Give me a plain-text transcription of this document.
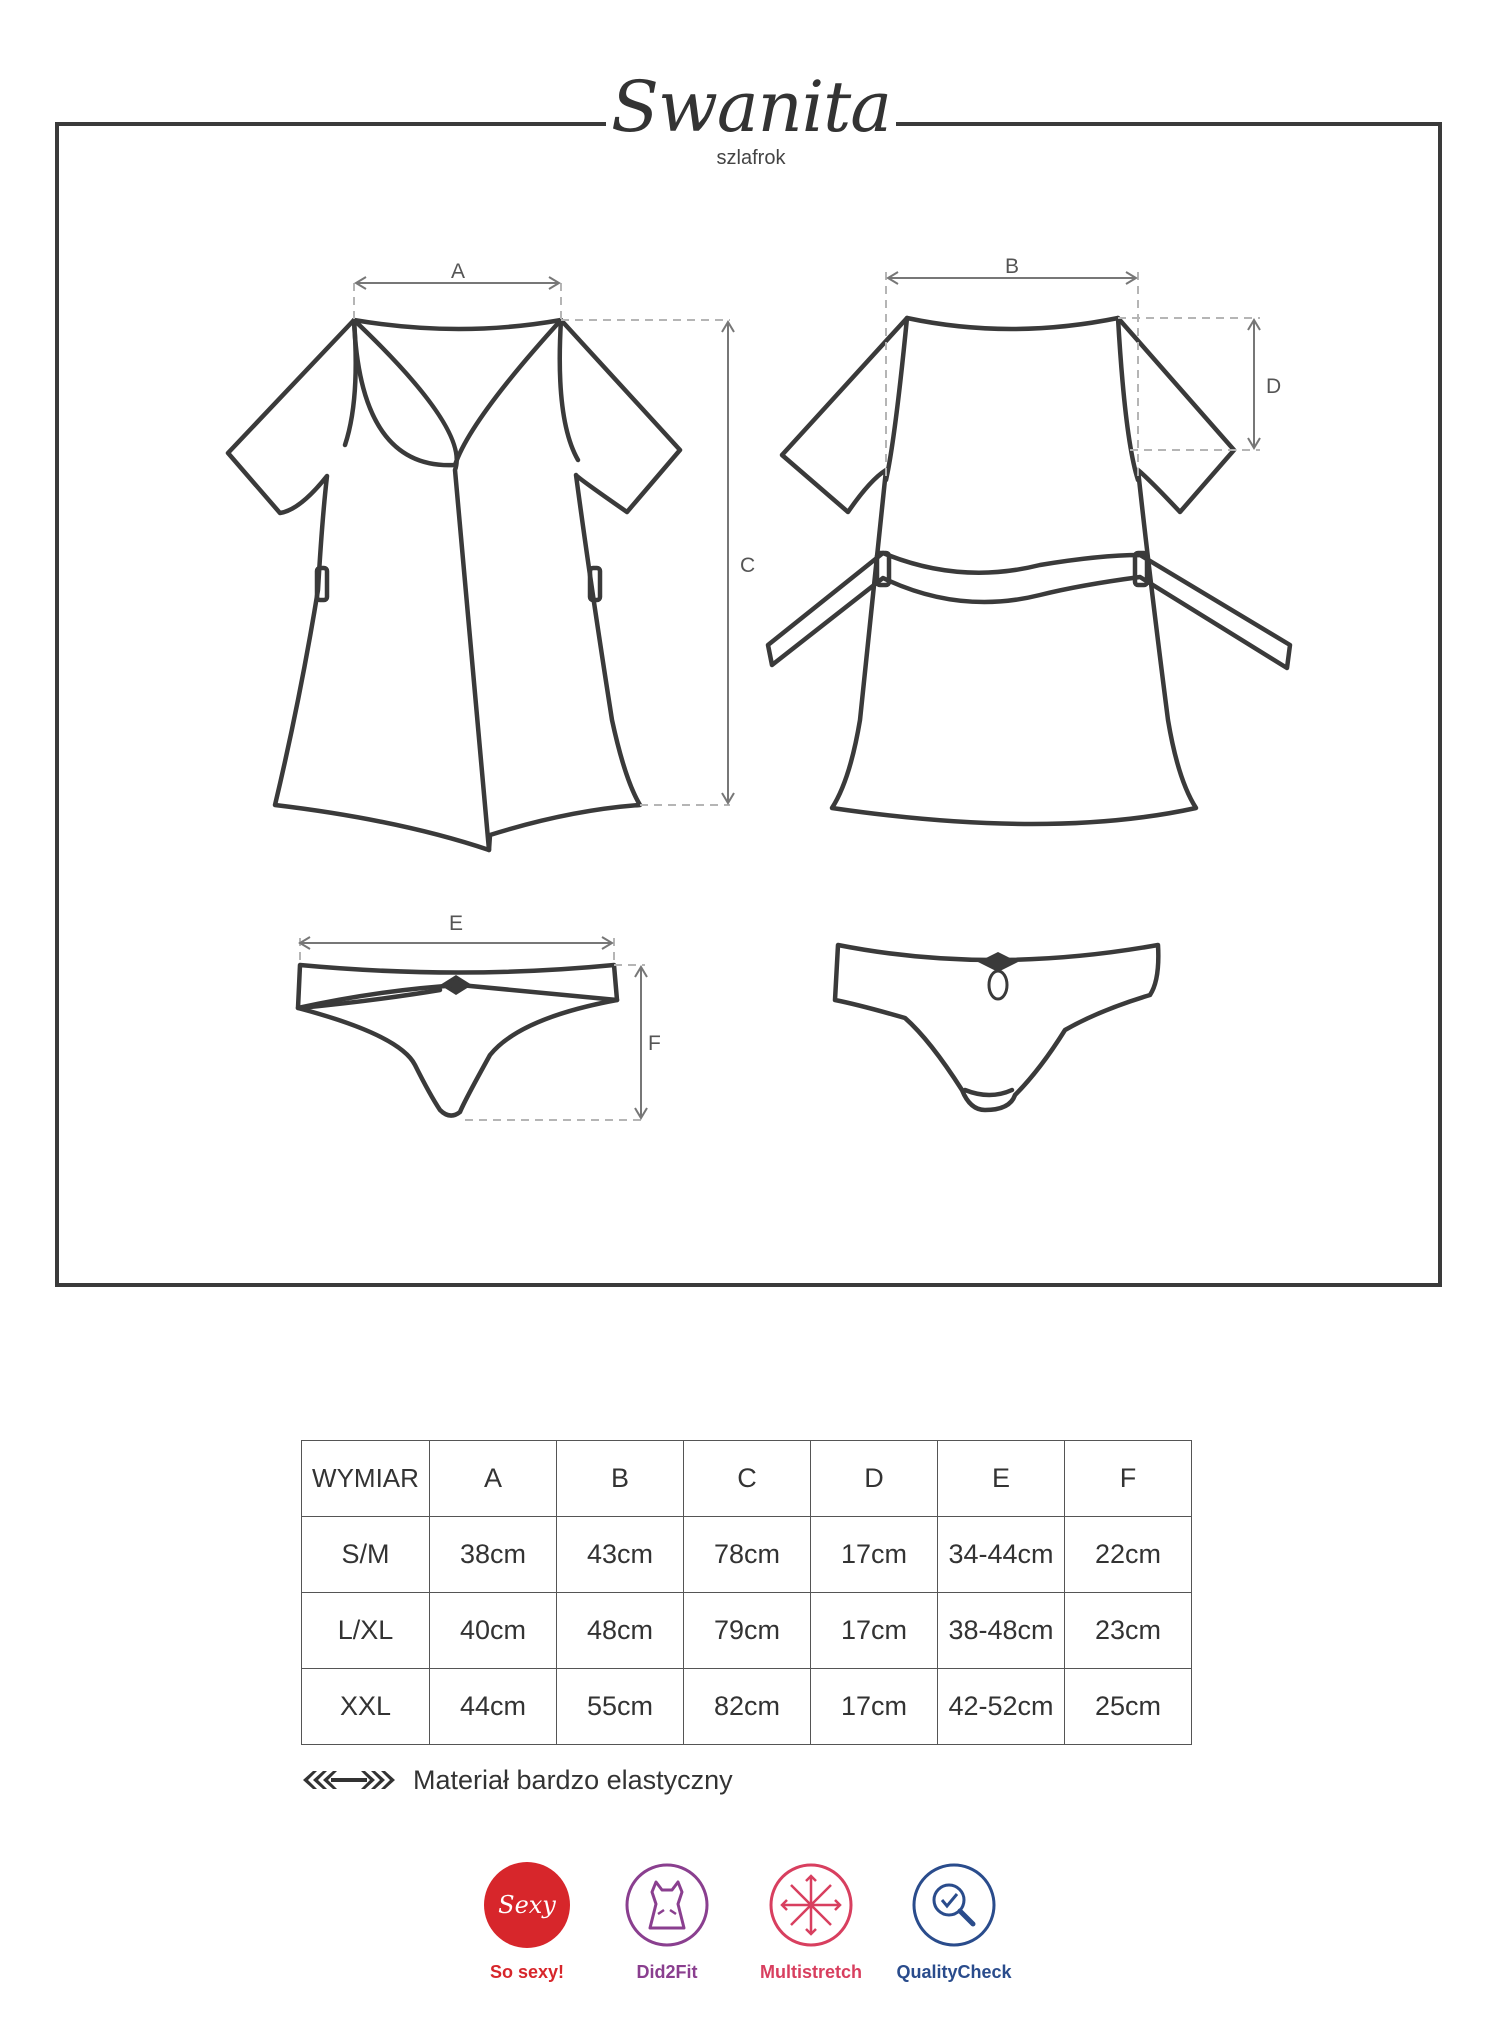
Swanita
szlafrok
A	B
C
D
E
F
WYMIAR	A	B	C	D	E	F
S/M	38cm	43cm	78cm	17cm	34-44cm	22cm
L/XL	40cm	48cm	79cm	17cm	38-48cm	23cm
XXL	44cm	55cm	82cm	17cm	42-52cm	25cm
Materiał bardzo elastyczny
Sexy
So sexy!	Did2Fit	Multistretch	QualityCheck
